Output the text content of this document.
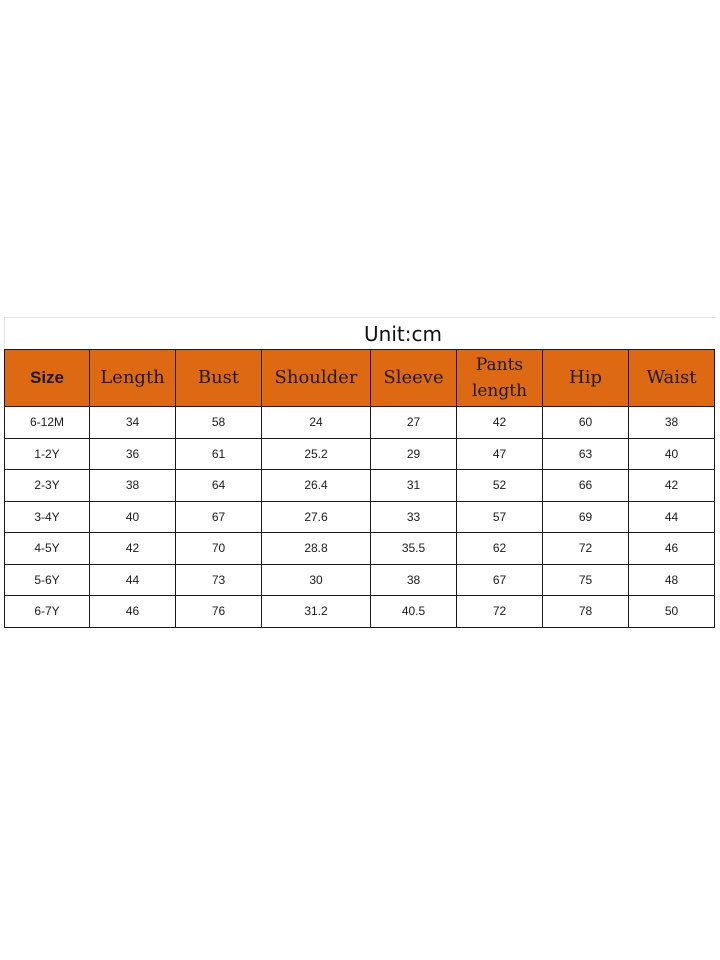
Unit:cm
Size	Length	Bust	Shoulder	Sleeve	Pants length	Hip	Waist
6-12M	34	58	24	27	42	60	38
1-2Y	36	61	25.2	29	47	63	40
2-3Y	38	64	26.4	31	52	66	42
3-4Y	40	67	27.6	33	57	69	44
4-5Y	42	70	28.8	35.5	62	72	46
5-6Y	44	73	30	38	67	75	48
6-7Y	46	76	31.2	40.5	72	78	50
